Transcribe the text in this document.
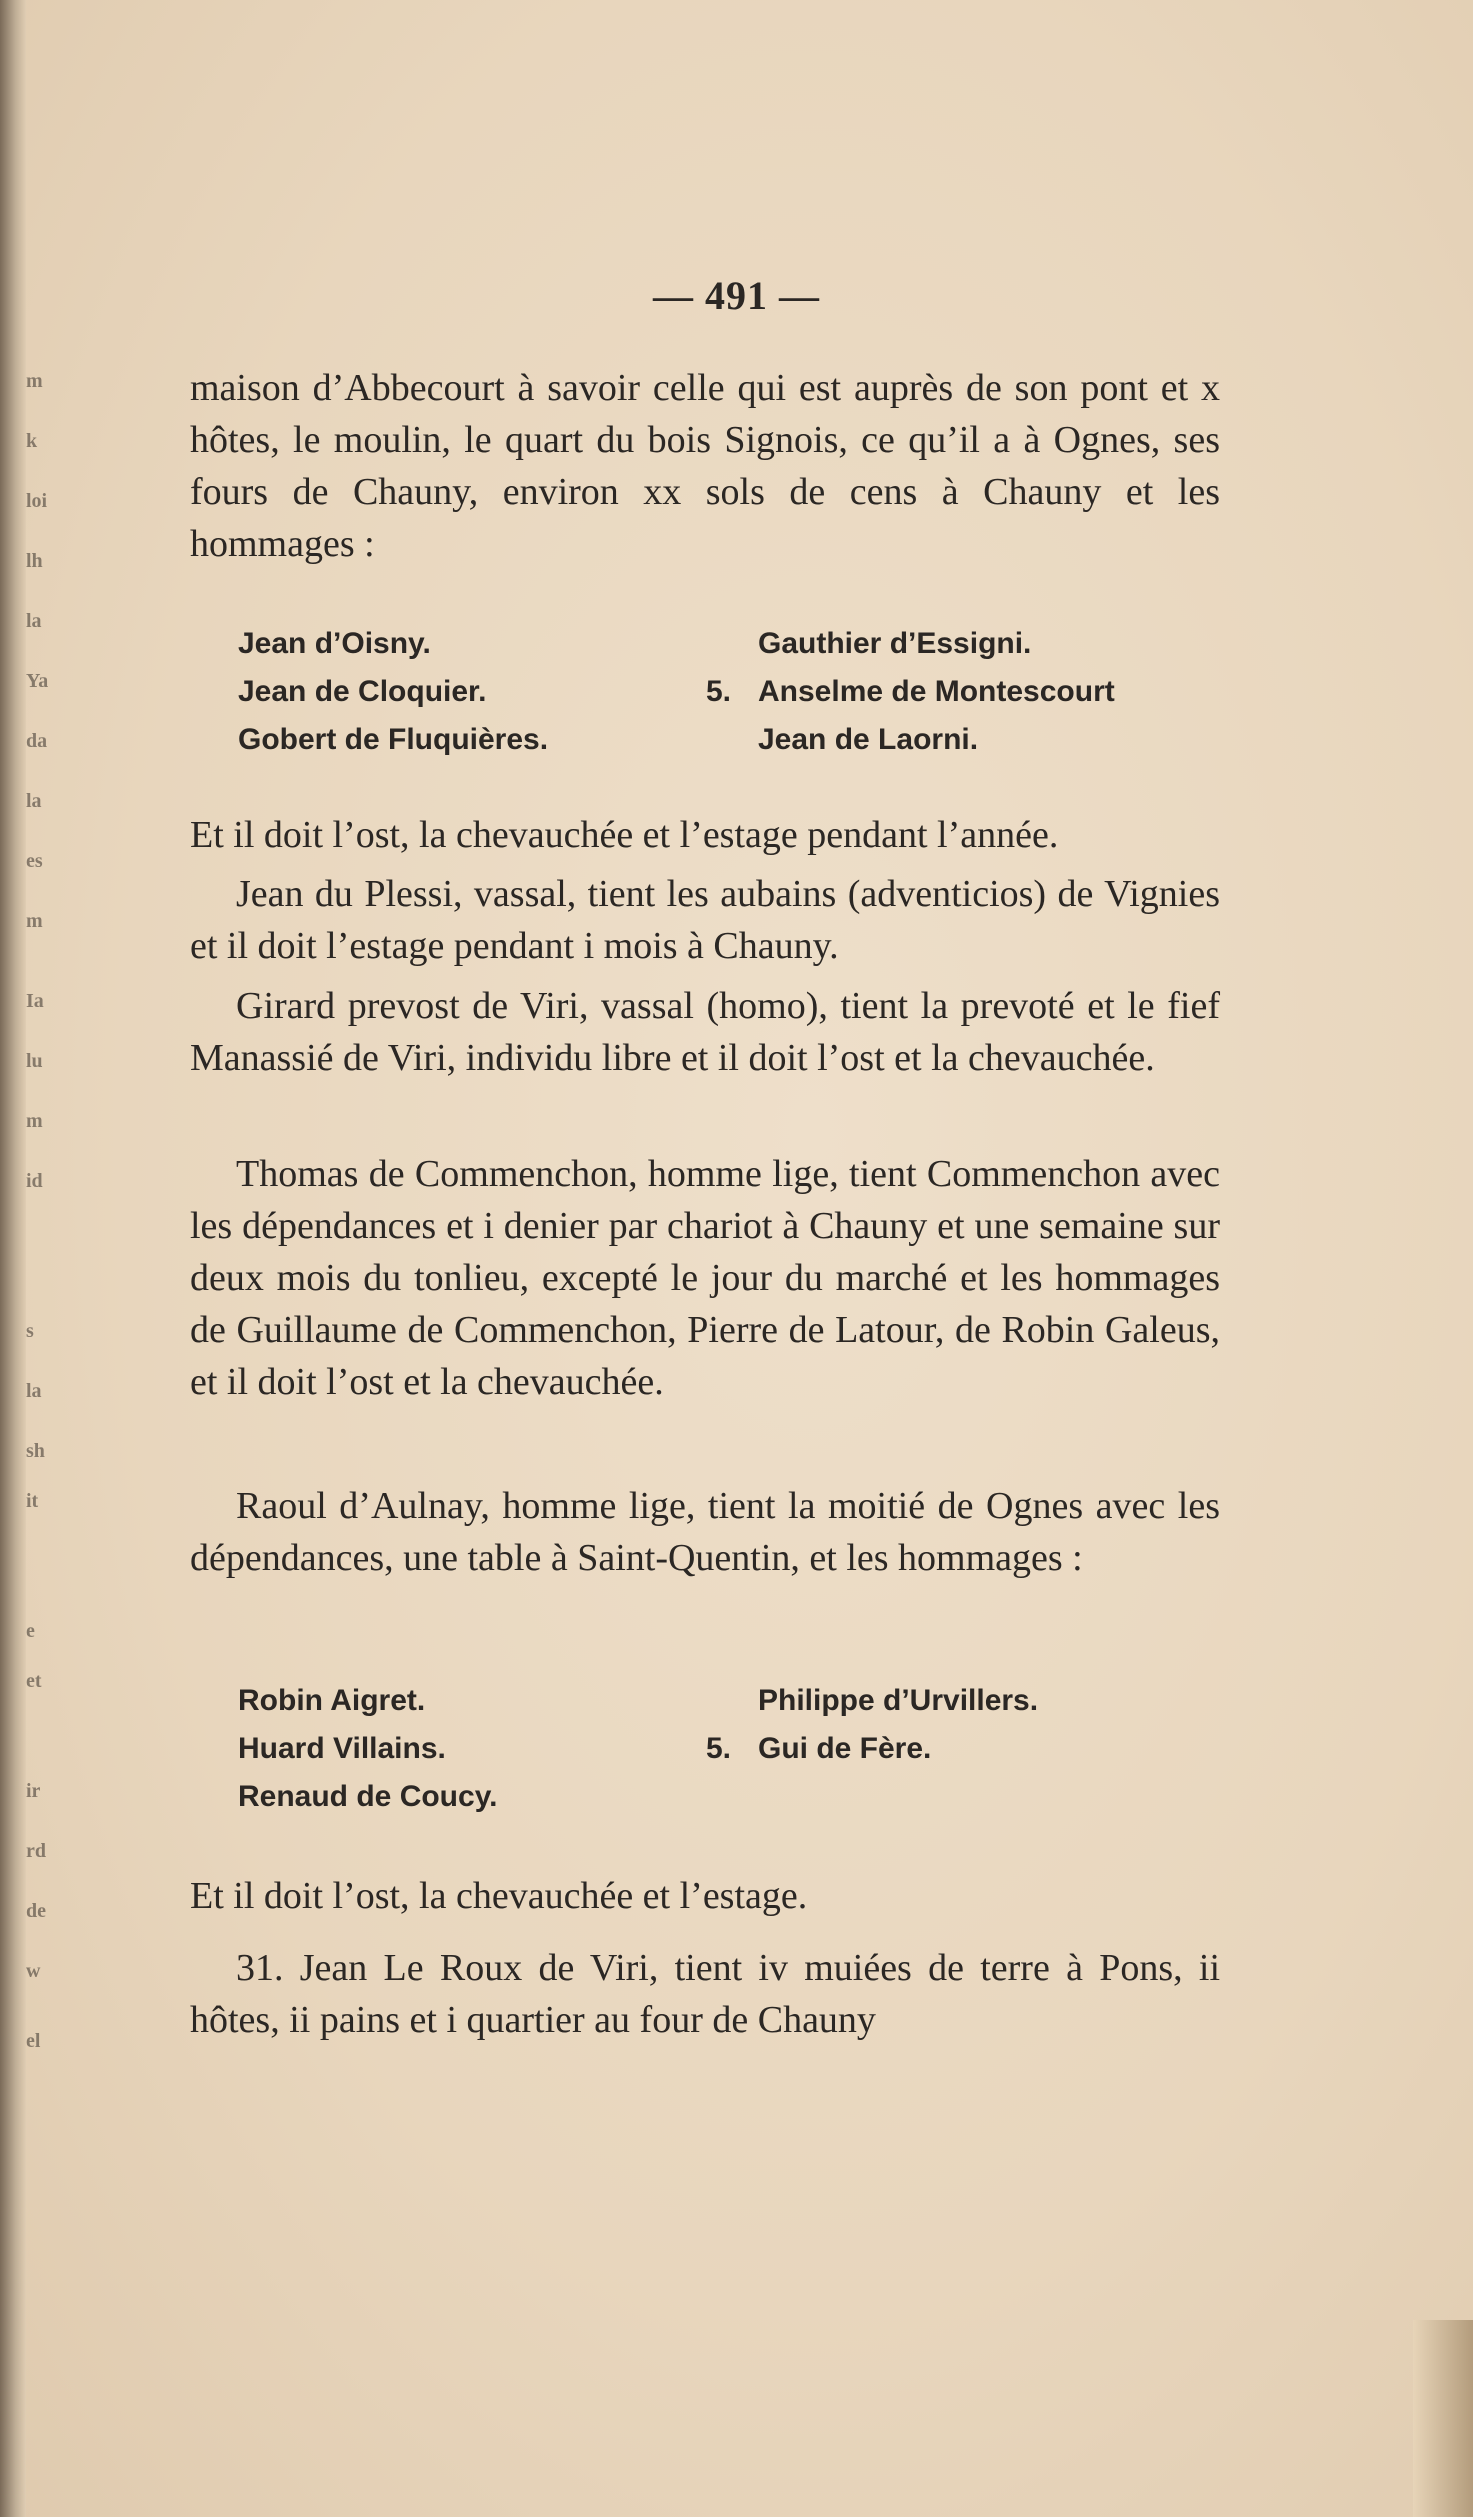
m
k
loi
lh
la
Ya
da
la
es
m
Ia
lu
m
id
s
la
sh
it
e
et
ir
rd
de
w
el
— 491 —
maison d’Abbecourt à savoir celle qui est auprès de son pont et x hôtes, le moulin, le quart du bois Signois, ce qu’il a à Ognes, ses fours de Chauny, environ xx sols de cens à Chauny et les hommages :
Jean d’Oisny.	Gauthier d’Essigni.
Jean de Cloquier.	5. Anselme de Montescourt
Gobert de Fluquières.	Jean de Laorni.
Et il doit l’ost, la chevauchée et l’estage pendant l’année.
Jean du Plessi, vassal, tient les aubains (adventicios) de Vignies et il doit l’estage pendant i mois à Chauny.
Girard prevost de Viri, vassal (homo), tient la prevoté et le fief Manassié de Viri, individu libre et il doit l’ost et la chevauchée.
Thomas de Commenchon, homme lige, tient Commenchon avec les dépendances et i denier par chariot à Chauny et une semaine sur deux mois du tonlieu, excepté le jour du marché et les hommages de Guillaume de Commenchon, Pierre de Latour, de Robin Galeus, et il doit l’ost et la chevauchée.
Raoul d’Aulnay, homme lige, tient la moitié de Ognes avec les dépendances, une table à Saint-Quentin, et les hommages :
Robin Aigret.	Philippe d’Urvillers.
Huard Villains.	5. Gui de Fère.
Renaud de Coucy.
Et il doit l’ost, la chevauchée et l’estage.
31. Jean Le Roux de Viri, tient iv muiées de terre à Pons, ii hôtes, ii pains et i quartier au four de Chauny
